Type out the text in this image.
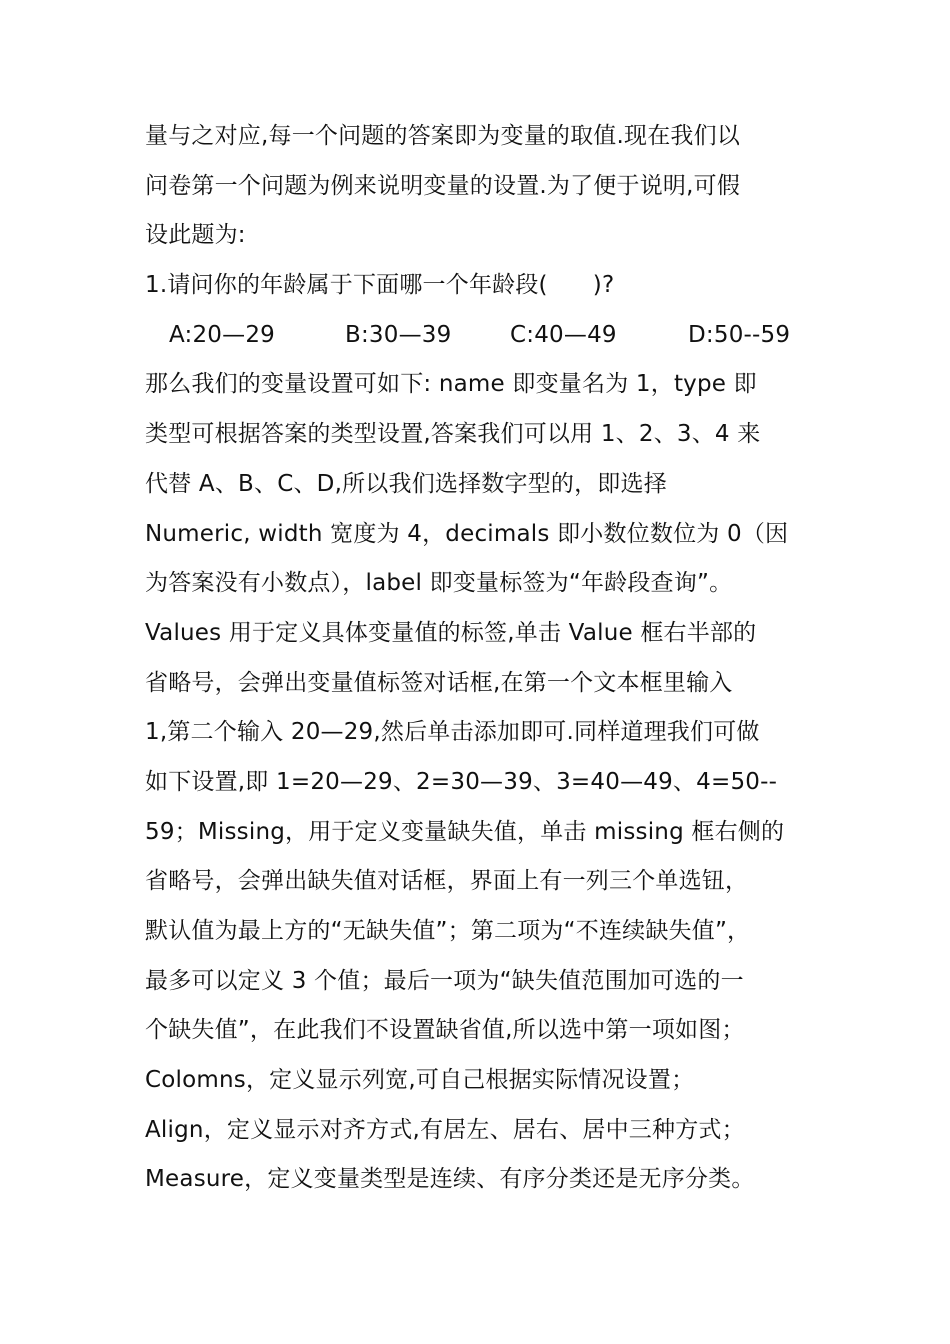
量与之对应,每一个问题的答案即为变量的取值.现在我们以
问卷第一个问题为例来说明变量的设置.为了便于说明,可假
设此题为:
1.请问你的年龄属于下面哪一个年龄段(      )?
A:20—29	B:30—39	C:40—49	D:50--59
那么我们的变量设置可如下: name 即变量名为 1，type 即
类型可根据答案的类型设置,答案我们可以用 1、2、3、4 来
代替 A、B、C、D,所以我们选择数字型的，即选择
Numeric, width 宽度为 4，decimals 即小数位数位为 0（因
为答案没有小数点），label 即变量标签为“年龄段查询”。
Values 用于定义具体变量值的标签,单击 Value 框右半部的
省略号，会弹出变量值标签对话框,在第一个文本框里输入
1,第二个输入 20—29,然后单击添加即可.同样道理我们可做
如下设置,即 1=20—29、2=30—39、3=40—49、4=50--
59；Missing，用于定义变量缺失值，单击 missing 框右侧的
省略号，会弹出缺失值对话框，界面上有一列三个单选钮，
默认值为最上方的“无缺失值”；第二项为“不连续缺失值”，
最多可以定义 3 个值；最后一项为“缺失值范围加可选的一
个缺失值”，在此我们不设置缺省值,所以选中第一项如图；
Colomns，定义显示列宽,可自己根据实际情况设置；
Align，定义显示对齐方式,有居左、居右、居中三种方式；
Measure，定义变量类型是连续、有序分类还是无序分类。
